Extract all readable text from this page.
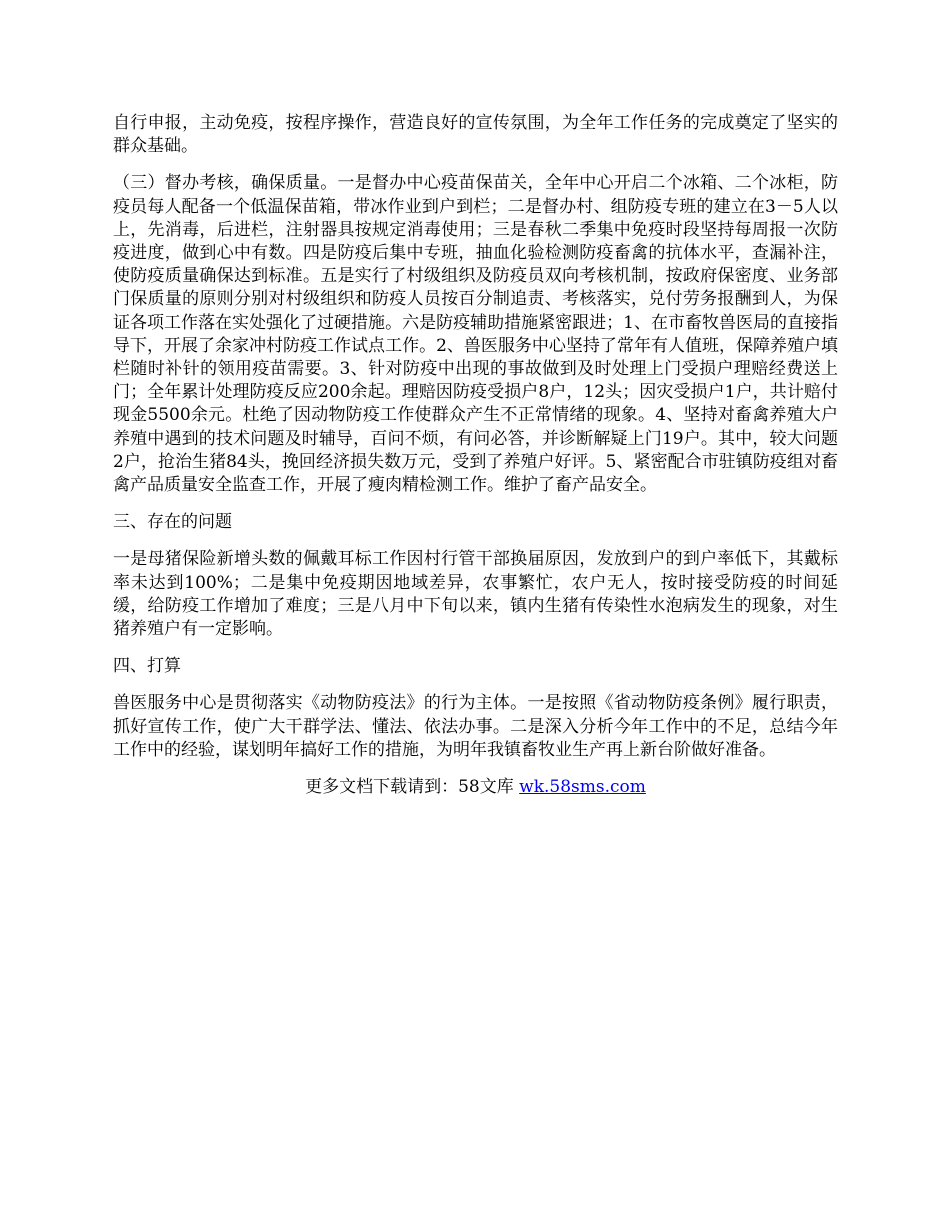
自行申报，主动免疫，按程序操作，营造良好的宣传氛围，为全年工作任务的完成奠定了坚实的群众基础。

（三）督办考核，确保质量。一是督办中心疫苗保苗关，全年中心开启二个冰箱、二个冰柜，防疫员每人配备一个低温保苗箱，带冰作业到户到栏；二是督办村、组防疫专班的建立在3－5人以上，先消毒，后进栏，注射器具按规定消毒使用；三是春秋二季集中免疫时段坚持每周报一次防疫进度，做到心中有数。四是防疫后集中专班，抽血化验检测防疫畜禽的抗体水平，查漏补注，使防疫质量确保达到标准。五是实行了村级组织及防疫员双向考核机制，按政府保密度、业务部门保质量的原则分别对村级组织和防疫人员按百分制追责、考核落实，兑付劳务报酬到人，为保证各项工作落在实处强化了过硬措施。六是防疫辅助措施紧密跟进；1、在市畜牧兽医局的直接指导下，开展了余家冲村防疫工作试点工作。2、兽医服务中心坚持了常年有人值班，保障养殖户填栏随时补针的领用疫苗需要。3、针对防疫中出现的事故做到及时处理上门受损户理赔经费送上门；全年累计处理防疫反应200余起。理赔因防疫受损户8户，12头；因灾受损户1户，共计赔付现金5500余元。杜绝了因动物防疫工作使群众产生不正常情绪的现象。4、坚持对畜禽养殖大户养殖中遇到的技术问题及时辅导，百问不烦，有问必答，并诊断解疑上门19户。其中，较大问题2户，抢治生猪84头，挽回经济损失数万元，受到了养殖户好评。5、紧密配合市驻镇防疫组对畜禽产品质量安全监查工作，开展了瘦肉精检测工作。维护了畜产品安全。

三、存在的问题

一是母猪保险新增头数的佩戴耳标工作因村行管干部换届原因，发放到户的到户率低下，其戴标率未达到100%；二是集中免疫期因地域差异，农事繁忙，农户无人，按时接受防疫的时间延缓，给防疫工作增加了难度；三是八月中下旬以来，镇内生猪有传染性水泡病发生的现象，对生猪养殖户有一定影响。

四、打算

兽医服务中心是贯彻落实《动物防疫法》的行为主体。一是按照《省动物防疫条例》履行职责，抓好宣传工作，使广大干群学法、懂法、依法办事。二是深入分析今年工作中的不足，总结今年工作中的经验，谋划明年搞好工作的措施，为明年我镇畜牧业生产再上新台阶做好准备。

更多文档下载请到：58文库 wk.58sms.com
